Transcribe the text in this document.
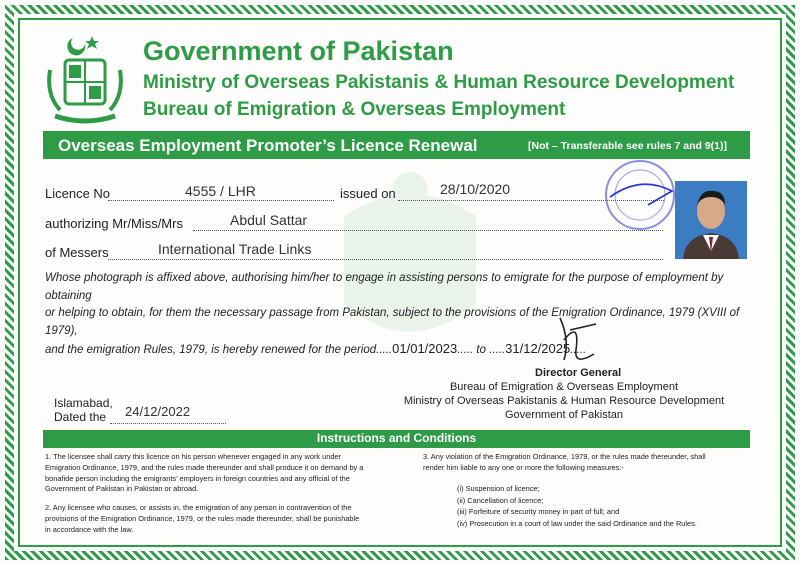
Government of Pakistan
Ministry of Overseas Pakistanis & Human Resource Development
Bureau of Emigration & Overseas Employment
Overseas Employment Promoter’s Licence Renewal	[Not – Transferable see rules 7 and 9(1)]
Licence No	4555 / LHR	issued on	28/10/2020
authorizing Mr/Miss/Mrs	Abdul Sattar
of Messers	International Trade Links
Whose photograph is affixed above, authorising him/her to engage in assisting persons to emigrate for the purpose of employment by obtaining
or helping to obtain, for them the necessary passage from Pakistan, subject to the provisions of the Emigration Ordinance, 1979 (XVIII of 1979),
and the emigration Rules, 1979, is hereby renewed for the period.....01/01/2023..... to .....31/12/2025.....
Director General
Bureau of Emigration & Overseas Employment
Ministry of Overseas Pakistanis & Human Resource Development
Government of Pakistan
Islamabad,
Dated the 24/12/2022
Instructions and Conditions
1. The licensee shall carry this licence on his person whenever engaged in any work under
Emigration Ordinance, 1979, and the rules made thereunder and shall produce it on demand by a
bonafide person including the emigrants’ employers in foreign countries and any official of the
Government of Pakistan in Pakistan or abroad.
2. Any licensee who causes, or assists in, the emigration of any person in contravention of the
provisions of the Emigration Ordinance, 1979, or the rules made thereunder, shall be punishable
in accordance with the law.
3. Any violation of the Emigration Ordinance, 1979, or the rules made thereunder, shall
render him liable to any one or more the following measures:-
(i) Suspension of licence;
(ii) Cancellation of licence;
(iii) Forfeiture of security money in part of full; and
(iv) Prosecution in a court of law under the said Ordinance and the Rules.
